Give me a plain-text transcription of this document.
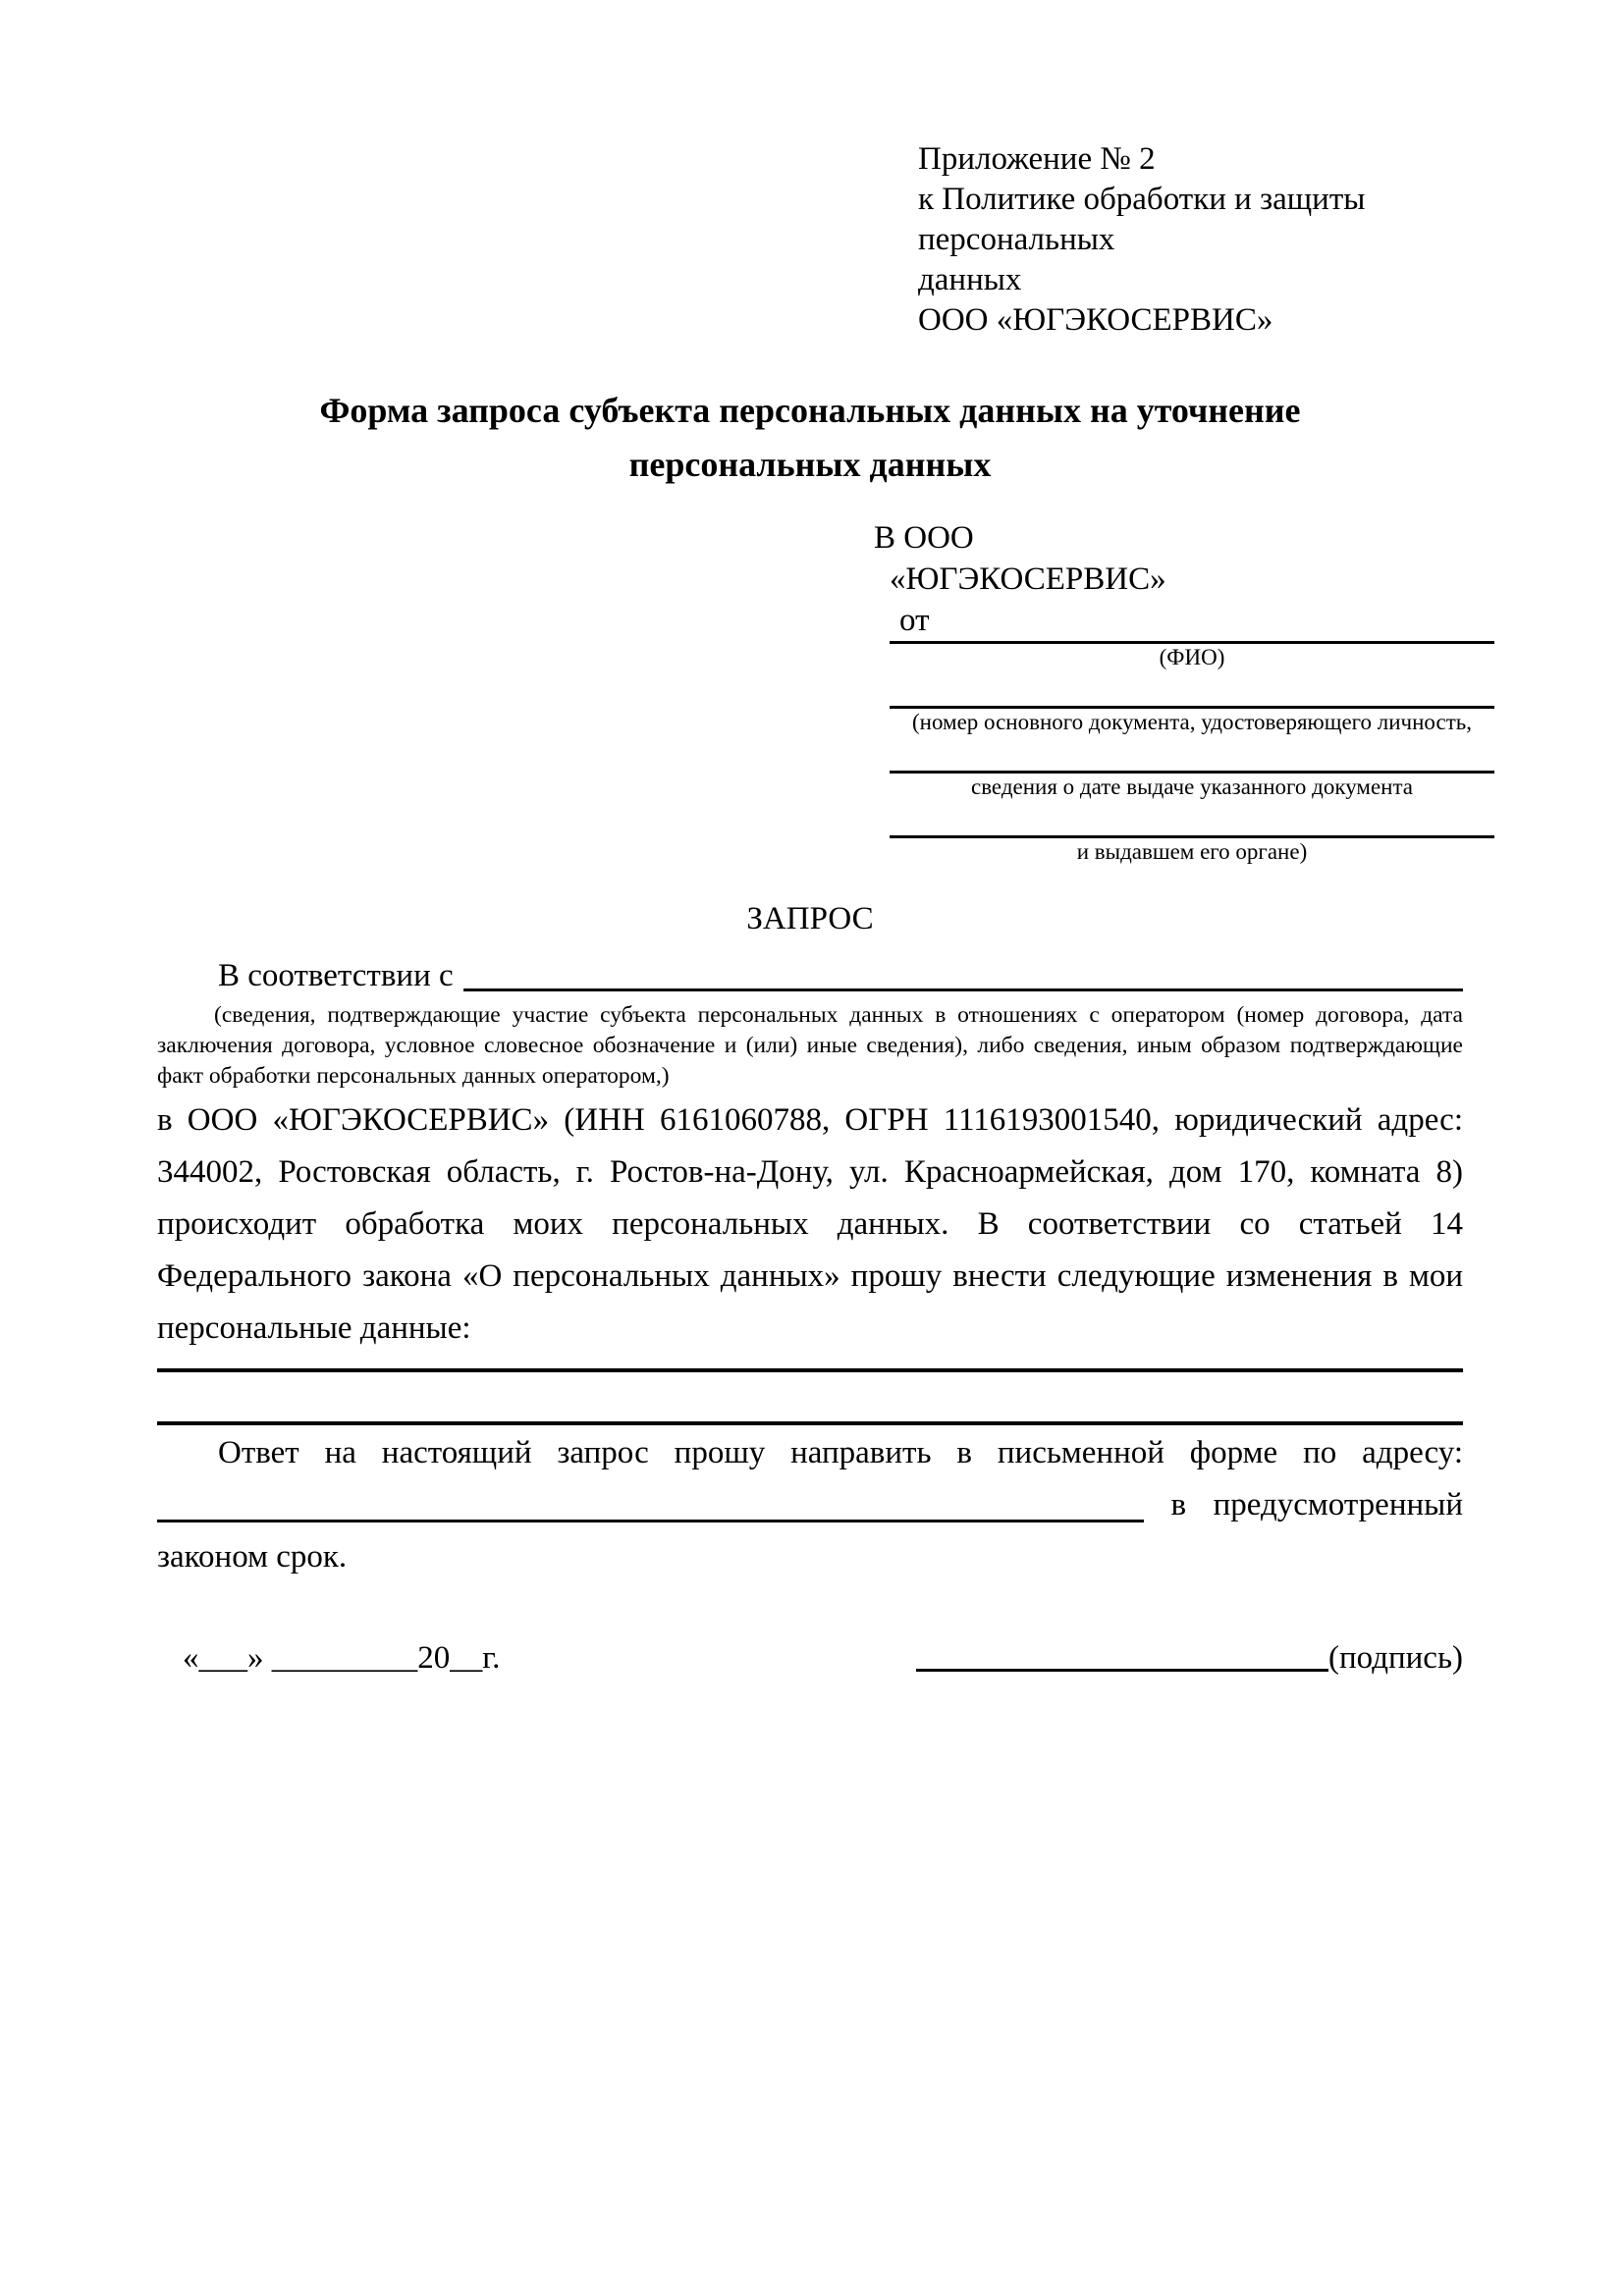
Приложение № 2
к Политике обработки и защиты персональных
данных
ООО «ЮГЭКОСЕРВИС»
Форма запроса субъекта персональных данных на уточнение персональных данных
В ООО
«ЮГЭКОСЕРВИС»
от
(ФИО)
(номер основного документа, удостоверяющего личность,
сведения о дате выдаче указанного документа
и выдавшем его органе)
ЗАПРОС
В соответствии с
(сведения, подтверждающие участие субъекта персональных данных в отношениях с оператором (номер договора, дата заключения договора, условное словесное обозначение и (или) иные сведения), либо сведения, иным образом подтверждающие факт обработки персональных данных оператором,)
в ООО «ЮГЭКОСЕРВИС» (ИНН 6161060788, ОГРН 1116193001540, юридический адрес: 344002, Ростовская область, г. Ростов-на-Дону, ул. Красноармейская, дом 170, комната 8) происходит обработка моих персональных данных. В соответствии со статьей 14 Федерального закона «О персональных данных» прошу внести следующие изменения в мои персональные данные:
Ответ на настоящий запрос прошу направить в письменной форме по адресу:
в предусмотренный
законом срок.
«___» _________20__г.	(подпись)
